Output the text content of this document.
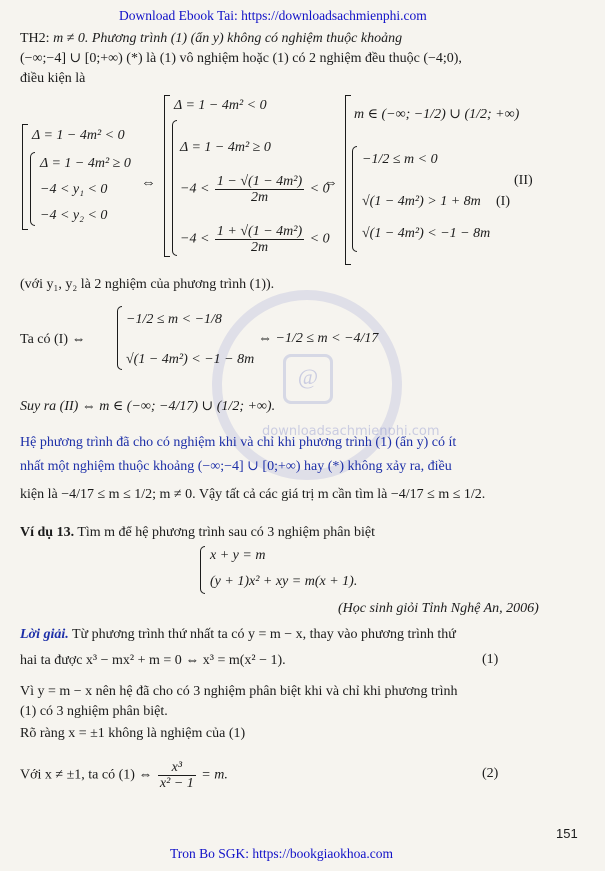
@
downloadsachmienphi.com
Download Ebook Tai: https://downloadsachmienphi.com
TH2: m ≠ 0. Phương trình (1) (ẩn y) không có nghiệm thuộc khoảng
(−∞;−4] ∪ [0;+∞) (*) là (1) vô nghiệm hoặc (1) có 2 nghiệm đều thuộc (−4;0),
điều kiện là
Δ = 1 − 4m² < 0
Δ = 1 − 4m² ≥ 0
−4 < y₁ < 0
−4 < y₂ < 0
⇔
Δ = 1 − 4m² < 0
Δ = 1 − 4m² ≥ 0
$-4 < \frac{\text{1 − √(1 − 4m²)}}{2m} < 0$
$-4 < \frac{\text{1 + √(1 − 4m²)}}{2m} < 0$
⇔
m ∈ (−∞; −1/2) ∪ (1/2; +∞)
−1/2 ≤ m < 0
√(1 − 4m²) > 1 + 8m (I)
√(1 − 4m²) < −1 − 8m
(II)
(với y₁, y₂ là 2 nghiệm của phương trình (1)).
Ta có (I) ⇔
−1/2 ≤ m < −1/8
√(1 − 4m²) < −1 − 8m
⇔ −1/2 ≤ m < −4/17
Suy ra (II) ⇔ m ∈ (−∞; −4/17) ∪ (1/2; +∞).
Hệ phương trình đã cho có nghiệm khi và chỉ khi phương trình (1) (ẩn y) có ít
nhất một nghiệm thuộc khoảng (−∞;−4] ∪ [0;+∞) hay (*) không xảy ra, điều
kiện là −4/17 ≤ m ≤ 1/2; m ≠ 0. Vậy tất cả các giá trị m cần tìm là −4/17 ≤ m ≤ 1/2.
Ví dụ 13. Tìm m để hệ phương trình sau có 3 nghiệm phân biệt
x + y = m
(y + 1)x² + xy = m(x + 1).
(Học sinh giỏi Tỉnh Nghệ An, 2006)
Lời giải. Từ phương trình thứ nhất ta có y = m − x, thay vào phương trình thứ
hai ta được x³ − mx² + m = 0 ⇔ x³ = m(x² − 1).	(1)
Vì y = m − x nên hệ đã cho có 3 nghiệm phân biệt khi và chỉ khi phương trình
(1) có 3 nghiệm phân biệt.
Rõ ràng x = ±1 không là nghiệm của (1)
Với x ≠ ±1, ta có (1) ⇔ $\frac{\text{x³}}{\text{x² − 1}} = m$.	(2)
151
Tron Bo SGK: https://bookgiaokhoa.com
